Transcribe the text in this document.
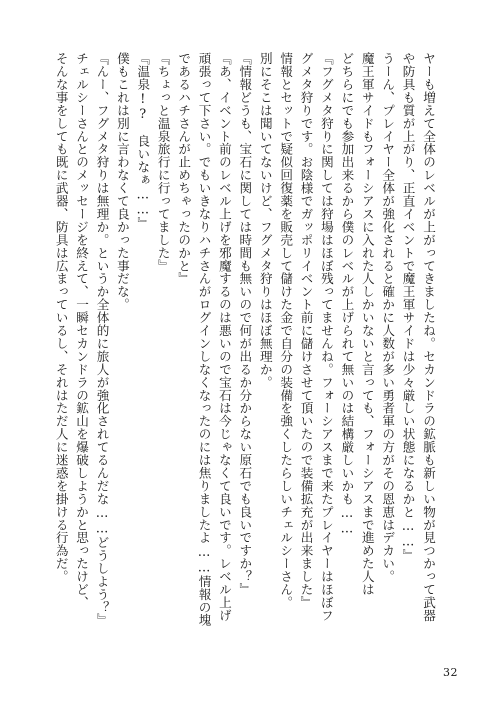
ヤーも増えて全体のレベルが上がってきましたね。セカンドラの鉱脈も新しい物が見つかって武器

や防具も質が上がり、正直イベントで魔王軍サイドは少々厳しい状態になるかと……』

うーん、プレイヤー全体が強化されると確かに人数が多い勇者軍の方がその恩恵はデカい。

魔王軍サイドもフォーシアスに入れた人しかいないと言っても、フォーシアスまで進めた人は

どちらにでも参加出来るから僕のレベルが上げられて無いのは結構厳しいかも……

『フグメタ狩りに関しては狩場はほぼ残ってませんね。フォーシアスまで来たプレイヤーはほぼフ

グメタ狩りです。お陰様でガッポリイベント前に儲けさせて頂いたので装備拡充が出来ました』

情報とセットで疑似回復薬を販売して儲けた金で自分の装備を強くしたらしいチェルシーさん。

別にそこは聞いてないけど、フグメタ狩りはほぼ無理か。

『情報どうも、宝石に関しては時間も無いので何が出るか分からない原石でも良いですか？』

『あ、イベント前のレベル上げを邪魔するのは悪いので宝石は今じゃなくて良いです。レベル上げ

頑張って下さい。でもいきなりハチさんがログインしなくなったのには焦りましたよ……情報の塊

であるハチさんが止めちゃったのかと』

『ちょっと温泉旅行に行ってました』

『温泉!?　良いなぁ……』

僕もこれは別に言わなくて良かった事だな。

『んー、フグメタ狩りは無理か。というか全体的に旅人が強化されてるんだな……どうしよう？』

チェルシーさんとのメッセージを終えて、一瞬セカンドラの鉱山を爆破しようかと思ったけど、

そんな事をしても既に武器、防具は広まっているし、それはただ人に迷惑を掛ける行為だ。

32
